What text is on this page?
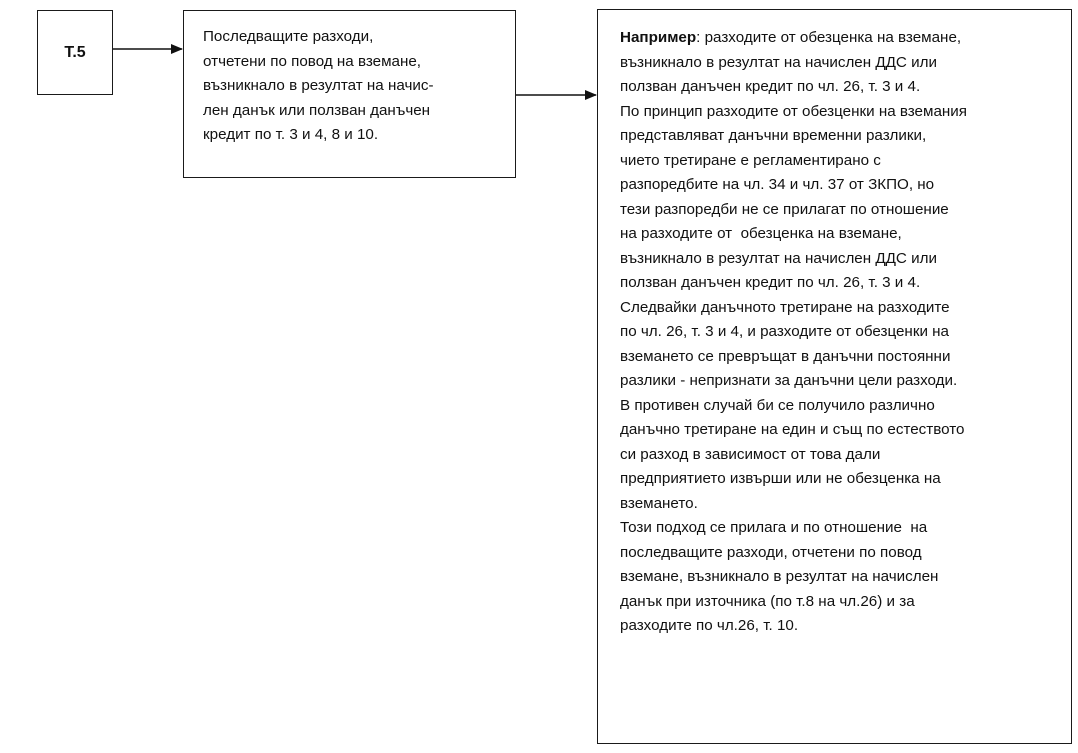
Т.5
Последващите разходи,
отчетени по повод на вземане,
възникнало в резултат на начис-
лен данък или ползван данъчен
кредит по т. 3 и 4, 8 и 10.
Например: разходите от обезценка на вземане,
възникнало в резултат на начислен ДДС или
ползван данъчен кредит по чл. 26, т. 3 и 4.
По принцип разходите от обезценки на вземания
представляват данъчни временни разлики,
чието третиране е регламентирано с
разпоредбите на чл. 34 и чл. 37 от ЗКПО, но
тези разпоредби не се прилагат по отношение
на разходите от  обезценка на вземане,
възникнало в резултат на начислен ДДС или
ползван данъчен кредит по чл. 26, т. 3 и 4.
Следвайки данъчното третиране на разходите
по чл. 26, т. 3 и 4, и разходите от обезценки на
вземането се превръщат в данъчни постоянни
разлики - непризнати за данъчни цели разходи.
В противен случай би се получило различно
данъчно третиране на един и същ по естеството
си разход в зависимост от това дали
предприятието извърши или не обезценка на
вземането.
Този подход се прилага и по отношение  на
последващите разходи, отчетени по повод
вземане, възникнало в резултат на начислен
данък при източника (по т.8 на чл.26) и за
разходите по чл.26, т. 10.
